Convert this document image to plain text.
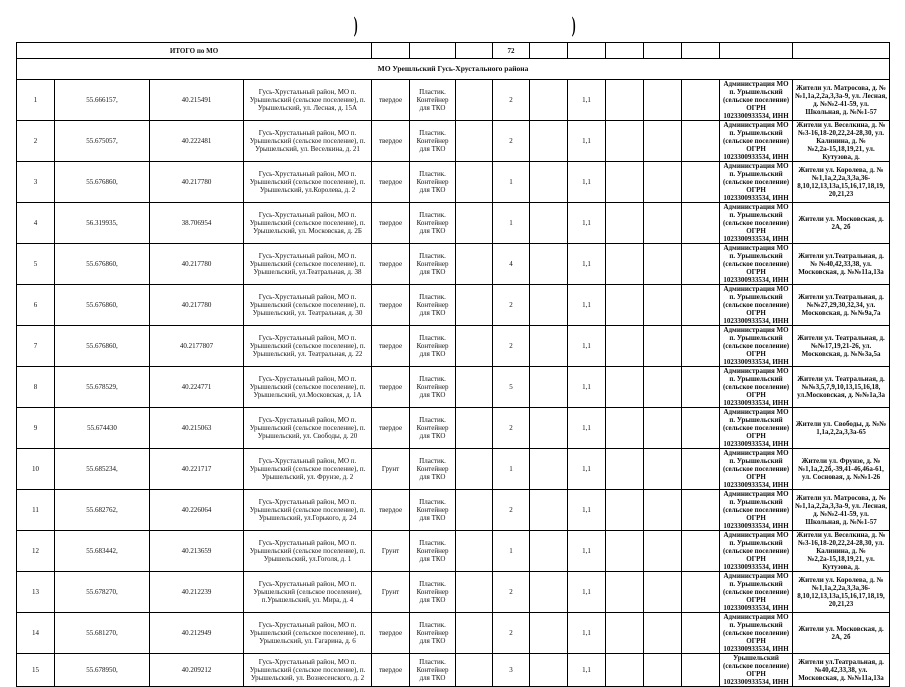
)	)
ИТОГО по МО							72							
МО Урешльский Гусь-Хрустального района														
1	55.666157,	40.215491	Гусь-Хрустальный район, МО п. Урышельский (сельское поселение), п. Урышельский, ул. Лесная, д. 15А	твердое	Пластик. Контейнер для ТКО		2		1,1				Администрация МО п. Урышельский (сельское поселение) ОГРН 1023300933534, ИНН	Жители ул. Матросова, д. №№1,1а,2,2а,3,3а-9, ул. Лесная, д. №№2-41-59, ул. Школьная, д. №№1-57
2	55.675057,	40.222481	Гусь-Хрустальный район, МО п. Урышельский (сельское поселение), п. Урышельский, ул. Веселкина, д. 21	твердое	Пластик. Контейнер для ТКО		2		1,1				Администрация МО п. Урышельский (сельское поселение) ОГРН 1023300933534, ИНН	Жители ул. Веселкина, д. №№3-16,18-20,22,24-28,30, ул. Калинина, д. №№2,2а-15,18,19,21, ул. Кутузова, д.
3	55.676860,	40.217780	Гусь-Хрустальный район, МО п. Урышельский (сельское поселение), п. Урышельский, ул.Королева, д. 2	твердое	Пластик. Контейнер для ТКО		1		1,1				Администрация МО п. Урышельский (сельское поселение) ОГРН 1023300933534, ИНН	Жители ул. Королева, д. №№1,1а,2,2а,3,3а,36-8,10,12,13,13а,15,16,17,18,19, 20,21,23
4	56.319935,	38.706954	Гусь-Хрустальный район, МО п. Урышельский (сельское поселение), п. Урышельский, ул. Московская, д. 2Б	твердое	Пластик. Контейнер для ТКО		1		1,1				Администрация МО п. Урышельский (сельское поселение) ОГРН 1023300933534, ИНН	Жители ул. Московская, д. 2А, 2б
5	55.676860,	40.217780	Гусь-Хрустальный район, МО п. Урышельский (сельское поселение), п. Урышельский, ул.Театральная, д. 38	твердое	Пластик. Контейнер для ТКО		4		1,1				Администрация МО п. Урышельский (сельское поселение) ОГРН 1023300933534, ИНН	Жители ул.Театральная, д.№ №40,42,33,38, ул. Московская, д. №№11а,13а
6	55.676860,	40.217780	Гусь-Хрустальный район, МО п. Урышельский (сельское поселение), п. Урышельский, ул. Театральная, д. 30	твердое	Пластик. Контейнер для ТКО		2		1,1				Администрация МО п. Урышельский (сельское поселение) ОГРН 1023300933534, ИНН	Жители ул.Театральная, д. №№27,29,30,32,34, ул. Московская, д. №№9а,7а
7	55.676860,	40.2177807	Гусь-Хрустальный район, МО п. Урышельский (сельское поселение), п. Урышельский, ул. Театральная, д. 22	твердое	Пластик. Контейнер для ТКО		2		1,1				Администрация МО п. Урышельский (сельское поселение) ОГРН 1023300933534, ИНН	Жители ул. Театральная, д. №№17,19,21-26, ул. Московская, д. №№3а,5а
8	55.678529,	40.224771	Гусь-Хрустальный район, МО п. Урышельский (сельское поселение), п. Урышельский, ул.Московская, д. 1А	твердое	Пластик. Контейнер для ТКО		5		1,1				Администрация МО п. Урышельский (сельское поселение) ОГРН 1023300933534, ИНН	Жители ул. Театральная, д. №№3,5,7,9,10,13,15,16,18, ул.Московская, д. №№1а,3а
9	55.674430	40.215063	Гусь-Хрустальный район, МО п. Урышельский (сельское поселение), п. Урышельский, ул. Свободы, д. 20	твердое	Пластик. Контейнер для ТКО		2		1,1				Администрация МО п. Урышельский (сельское поселение) ОГРН 1023300933534, ИНН	Жители ул. Свободы, д. №№ 1,1а,2,2а,3,3а-65
10	55.685234,	40.221717	Гусь-Хрустальный район, МО п. Урышельский (сельское поселение), п. Урышельский, ул. Фрунзе, д. 2	Грунт	Пластик. Контейнер для ТКО		1		1,1				Администрация МО п. Урышельский (сельское поселение) ОГРН 1023300933534, ИНН	Жители ул. Фрунзе, д. №№1,1а,2,2б,-39,41-46,46а-61, ул. Сосновая, д. №№1-26
11	55.682762,	40.226064	Гусь-Хрустальный район, МО п. Урышельский (сельское поселение), п. Урышельский, ул.Горького, д. 24	твердое	Пластик. Контейнер для ТКО		2		1,1				Администрация МО п. Урышельский (сельское поселение) ОГРН 1023300933534, ИНН	Жители ул. Матросова, д. №№1,1а,2,2а,3,3а-9, ул. Лесная, д. №№2-41-59, ул. Школьная, д. №№1-57
12	55.683442,	40.213659	Гусь-Хрустальный район, МО п. Урышельский (сельское поселение), п. Урышельский, ул.Гоголя, д. 1	Грунт	Пластик. Контейнер для ТКО		1		1,1				Администрация МО п. Урышельский (сельское поселение) ОГРН 1023300933534, ИНН	Жители ул. Веселкина, д. №№3-16,18-20,22,24-28,30, ул. Калинина, д. №№2,2а-15,18,19,21, ул. Кутузова, д.
13	55.678270,	40.212239	Гусь-Хрустальный район, МО п. Урышельский (сельское поселение), п.Урышельский, ул. Мира, д. 4	Грунт	Пластик. Контейнер для ТКО		2		1,1				Администрация МО п. Урышельский (сельское поселение) ОГРН 1023300933534, ИНН	Жители ул. Королева, д. №№1,1а,2,2а,3,3а,36-8,10,12,13,13а,15,16,17,18,19, 20,21,23
14	55.681270,	40.212949	Гусь-Хрустальный район, МО п. Урышельский (сельское поселение), п. Урышельский, ул. Гагарина, д. 6	твердое	Пластик. Контейнер для ТКО		2		1,1				Администрация МО п. Урышельский (сельское поселение) ОГРН 1023300933534, ИНН	Жители ул. Московская, д. 2А, 2б
15	55.678950,	40.209212	Гусь-Хрустальный район, МО п. Урышельский (сельское поселение), п. Урышельский, ул. Вознесенского, д. 2	твердое	Пластик. Контейнер для ТКО		3		1,1				Урышельский (сельское поселение) ОГРН 1023300933534, ИНН	Жители ул.Театральная, д. №40,42,33,38, ул. Московская, д. №№11а,13а
